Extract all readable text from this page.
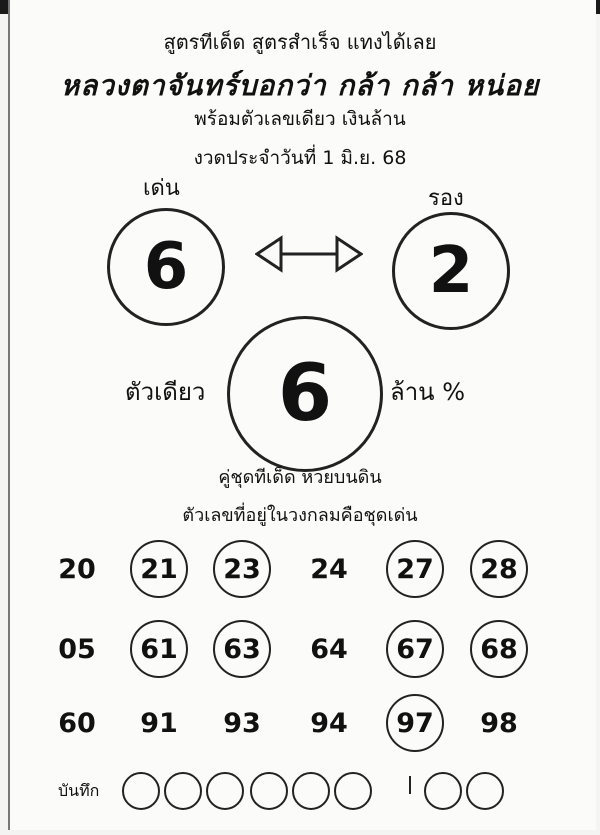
สูตรทีเด็ด สูตรสำเร็จ แทงได้เลย
หลวงตาจันทร์บอกว่า กล้า กล้า หน่อย
พร้อมตัวเลขเดียว เงินล้าน
งวดประจำวันที่ 1 มิ.ย. 68
เด่น	รอง
6	2
ตัวเดียว 6	ล้าน %
คู่ชุดทีเด็ด หวยบนดิน
ตัวเลขที่อยู่ในวงกลมคือชุดเด่น
20	21	23	24	27	28
05	61	63	64	67	68
60	91	93	94	97	98
บันทึก
